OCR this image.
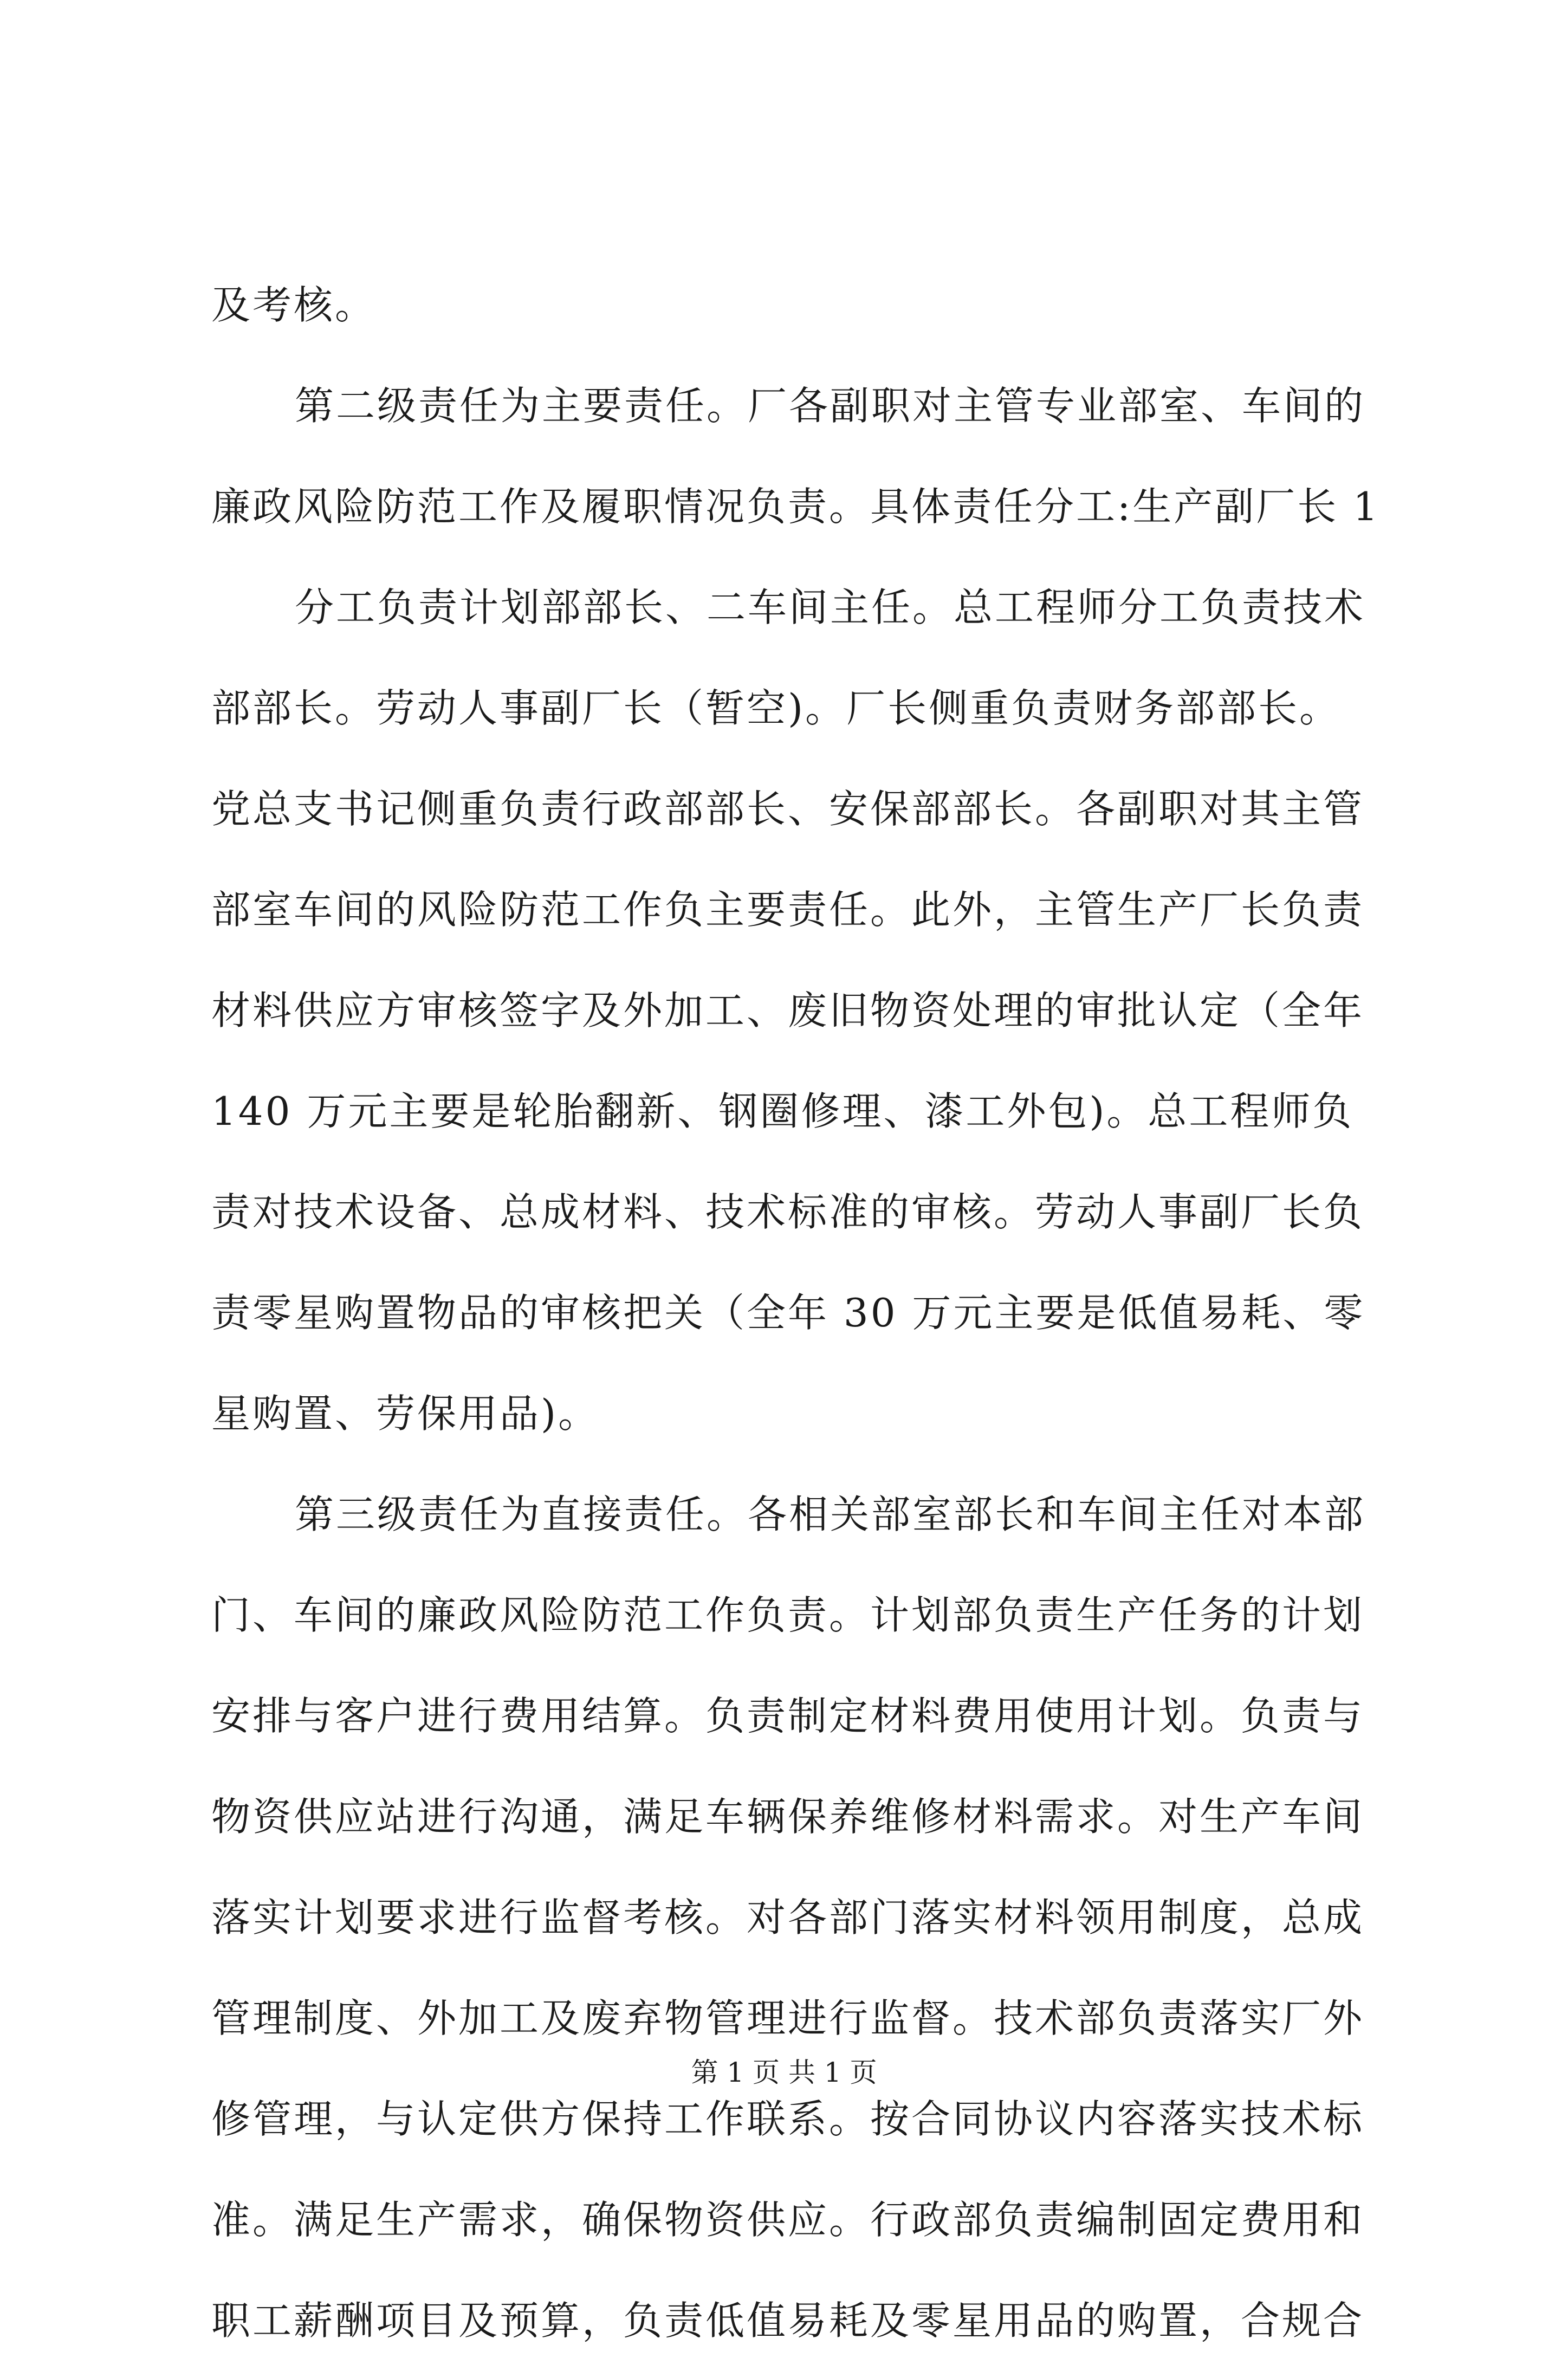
及考核。
第二级责任为主要责任。厂各副职对主管专业部室、车间的
廉政风险防范工作及履职情况负责。具体责任分工:生产副厂长 1
分工负责计划部部长、二车间主任。总工程师分工负责技术
部部长。劳动人事副厂长（暂空)。厂长侧重负责财务部部长。
党总支书记侧重负责行政部部长、安保部部长。各副职对其主管
部室车间的风险防范工作负主要责任。此外，主管生产厂长负责
材料供应方审核签字及外加工、废旧物资处理的审批认定（全年
140 万元主要是轮胎翻新、钢圈修理、漆工外包)。总工程师负
责对技术设备、总成材料、技术标准的审核。劳动人事副厂长负
责零星购置物品的审核把关（全年 30 万元主要是低值易耗、零
星购置、劳保用品)。
第三级责任为直接责任。各相关部室部长和车间主任对本部
门、车间的廉政风险防范工作负责。计划部负责生产任务的计划
安排与客户进行费用结算。负责制定材料费用使用计划。负责与
物资供应站进行沟通，满足车辆保养维修材料需求。对生产车间
落实计划要求进行监督考核。对各部门落实材料领用制度，总成
管理制度、外加工及废弃物管理进行监督。技术部负责落实厂外
修管理，与认定供方保持工作联系。按合同协议内容落实技术标
准。满足生产需求，确保物资供应。行政部负责编制固定费用和
职工薪酬项目及预算，负责低值易耗及零星用品的购置，合规合
第 1 页 共 1 页
